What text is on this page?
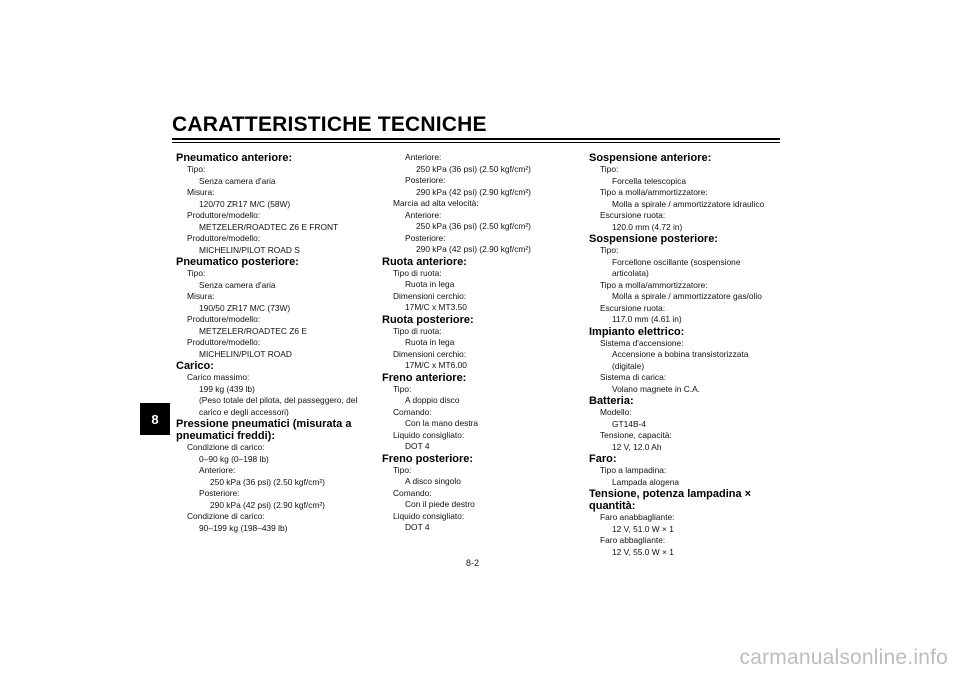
CARATTERISTICHE TECNICHE
8
Pneumatico anteriore:
Tipo:
Senza camera d'aria
Misura:
120/70 ZR17 M/C (58W)
Produttore/modello:
METZELER/ROADTEC Z6 E FRONT
Produttore/modello:
MICHELIN/PILOT ROAD S
Pneumatico posteriore:
Tipo:
Senza camera d'aria
Misura:
190/50 ZR17 M/C (73W)
Produttore/modello:
METZELER/ROADTEC Z6 E
Produttore/modello:
MICHELIN/PILOT ROAD
Carico:
Carico massimo:
199 kg (439 lb)
(Peso totale del pilota, del passeggero, del
carico e degli accessori)
Pressione pneumatici (misurata a
pneumatici freddi):
Condizione di carico:
0–90 kg (0–198 lb)
Anteriore:
250 kPa (36 psi) (2.50 kgf/cm²)
Posteriore:
290 kPa (42 psi) (2.90 kgf/cm²)
Condizione di carico:
90–199 kg (198–439 lb)
Anteriore:
250 kPa (36 psi) (2.50 kgf/cm²)
Posteriore:
290 kPa (42 psi) (2.90 kgf/cm²)
Marcia ad alta velocità:
Anteriore:
250 kPa (36 psi) (2.50 kgf/cm²)
Posteriore:
290 kPa (42 psi) (2.90 kgf/cm²)
Ruota anteriore:
Tipo di ruota:
Ruota in lega
Dimensioni cerchio:
17M/C x MT3.50
Ruota posteriore:
Tipo di ruota:
Ruota in lega
Dimensioni cerchio:
17M/C x MT6.00
Freno anteriore:
Tipo:
A doppio disco
Comando:
Con la mano destra
Liquido consigliato:
DOT 4
Freno posteriore:
Tipo:
A disco singolo
Comando:
Con il piede destro
Liquido consigliato:
DOT 4
Sospensione anteriore:
Tipo:
Forcella telescopica
Tipo a molla/ammortizzatore:
Molla a spirale / ammortizzatore idraulico
Escursione ruota:
120.0 mm (4.72 in)
Sospensione posteriore:
Tipo:
Forcellone oscillante (sospensione
articolata)
Tipo a molla/ammortizzatore:
Molla a spirale / ammortizzatore gas/olio
Escursione ruota:
117.0 mm (4.61 in)
Impianto elettrico:
Sistema d'accensione:
Accensione a bobina transistorizzata
(digitale)
Sistema di carica:
Volano magnete in C.A.
Batteria:
Modello:
GT14B-4
Tensione, capacità:
12 V, 12.0 Ah
Faro:
Tipo a lampadina:
Lampada alogena
Tensione, potenza lampadina × quantità:
Faro anabbagliante:
12 V, 51.0 W × 1
Faro abbagliante:
12 V, 55.0 W × 1
8-2
carmanualsonline.info
